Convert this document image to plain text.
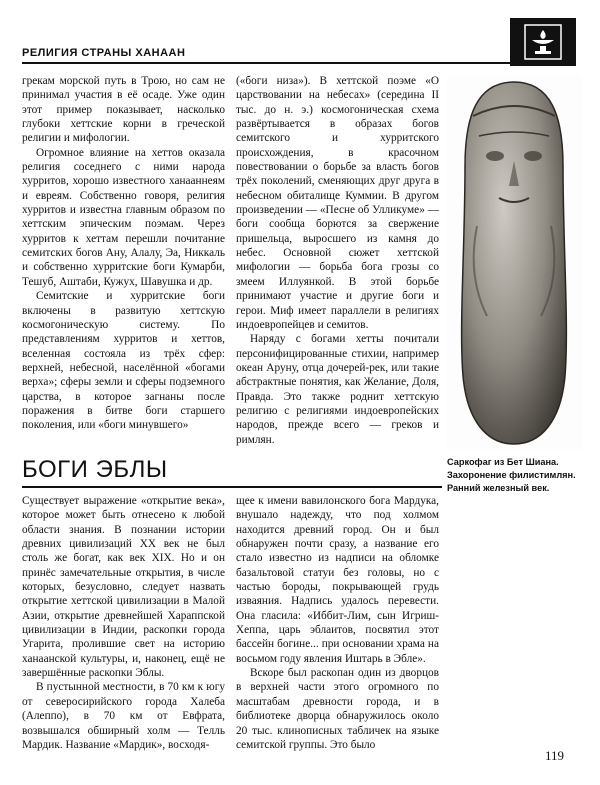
РЕЛИГИЯ СТРАНЫ ХАНААН

грекам морской путь в Трою, но сам не принимал участия в её осаде. Уже один этот пример показывает, насколько глубоки хеттские корни в греческой религии и мифологии.

Огромное влияние на хеттов оказала религия соседнего с ними народа хурритов, хорошо известного ханааннеям и евреям. Собственно говоря, религия хурритов и известна главным образом по хеттским эпическим поэмам. Через хурритов к хеттам перешли почитание семитских богов Ану, Алалу, Эа, Никкаль и собственно хурритские боги Кумарби, Тешуб, Аштаби, Кужух, Шавушка и др.

Семитские и хурритские боги включены в развитую хеттскую космогоническую систему. По представлениям хурритов и хеттов, вселенная состояла из трёх сфер: верхней, небесной, населённой «богами верха»; сферы земли и сферы подземного царства, в которое загнаны после поражения в битве боги старшего поколения, или «боги минувшего»

(«боги низа»). В хеттской поэме «О царствовании на небесах» (середина II тыс. до н. э.) космогоническая схема развёртывается в образах богов семитского и хурритского происхождения, в красочном повествовании о борьбе за власть богов трёх поколений, сменяющих друг друга в небесном обиталище Куммии. В другом произведении — «Песне об Улликуме» — боги сообща борются за свержение пришельца, выросшего из камня до небес. Основной сюжет хеттской мифологии — борьба бога грозы со змеем Иллуянкой. В этой борьбе принимают участие и другие боги и герои. Миф имеет параллели в религиях индоевропейцев и семитов.

Наряду с богами хетты почитали персонифицированные стихии, например океан Аруну, отца дочерей-рек, или такие абстрактные понятия, как Желание, Доля, Правда. Это также роднит хеттскую религию с религиями индоевропейских народов, прежде всего — греков и римлян.

Саркофаг из Бет Шиана. Захоронение филистимлян. Ранний железный век.
БОГИ ЭБЛЫ

Существует выражение «открытие века», которое может быть отнесено к любой области знания. В познании истории древних цивилизаций XX век не был столь же богат, как век XIX. Но и он принёс замечательные открытия, в числе которых, безусловно, следует назвать открытие хеттской цивилизации в Малой Азии, открытие древнейшей Хараппской цивилизации в Индии, раскопки города Угарита, пролившие свет на историю ханаанской культуры, и, наконец, ещё не завершённые раскопки Эблы.

В пустынной местности, в 70 км к югу от северосирийского города Халеба (Алеппо), в 70 км от Евфрата, возвышался обширный холм — Телль Мардик. Название «Мардик», восходя-

щее к имени вавилонского бога Мардука, внушало надежду, что под холмом находится древний город. Он и был обнаружен почти сразу, а название его стало известно из надписи на обломке базальтовой статуи без головы, но с частью бороды, покрывающей грудь изваяния. Надпись удалось перевести. Она гласила: «Иббит-Лим, сын Игриш-Хеппа, царь эблаитов, посвятил этот бассейн богине... при основании храма на восьмом году явления Иштарь в Эбле».

Вскоре был раскопан один из дворцов в верхней части этого огромного по масштабам древности города, и в библиотеке дворца обнаружилось около 20 тыс. клинописных табличек на языке семитской группы. Это было

119
